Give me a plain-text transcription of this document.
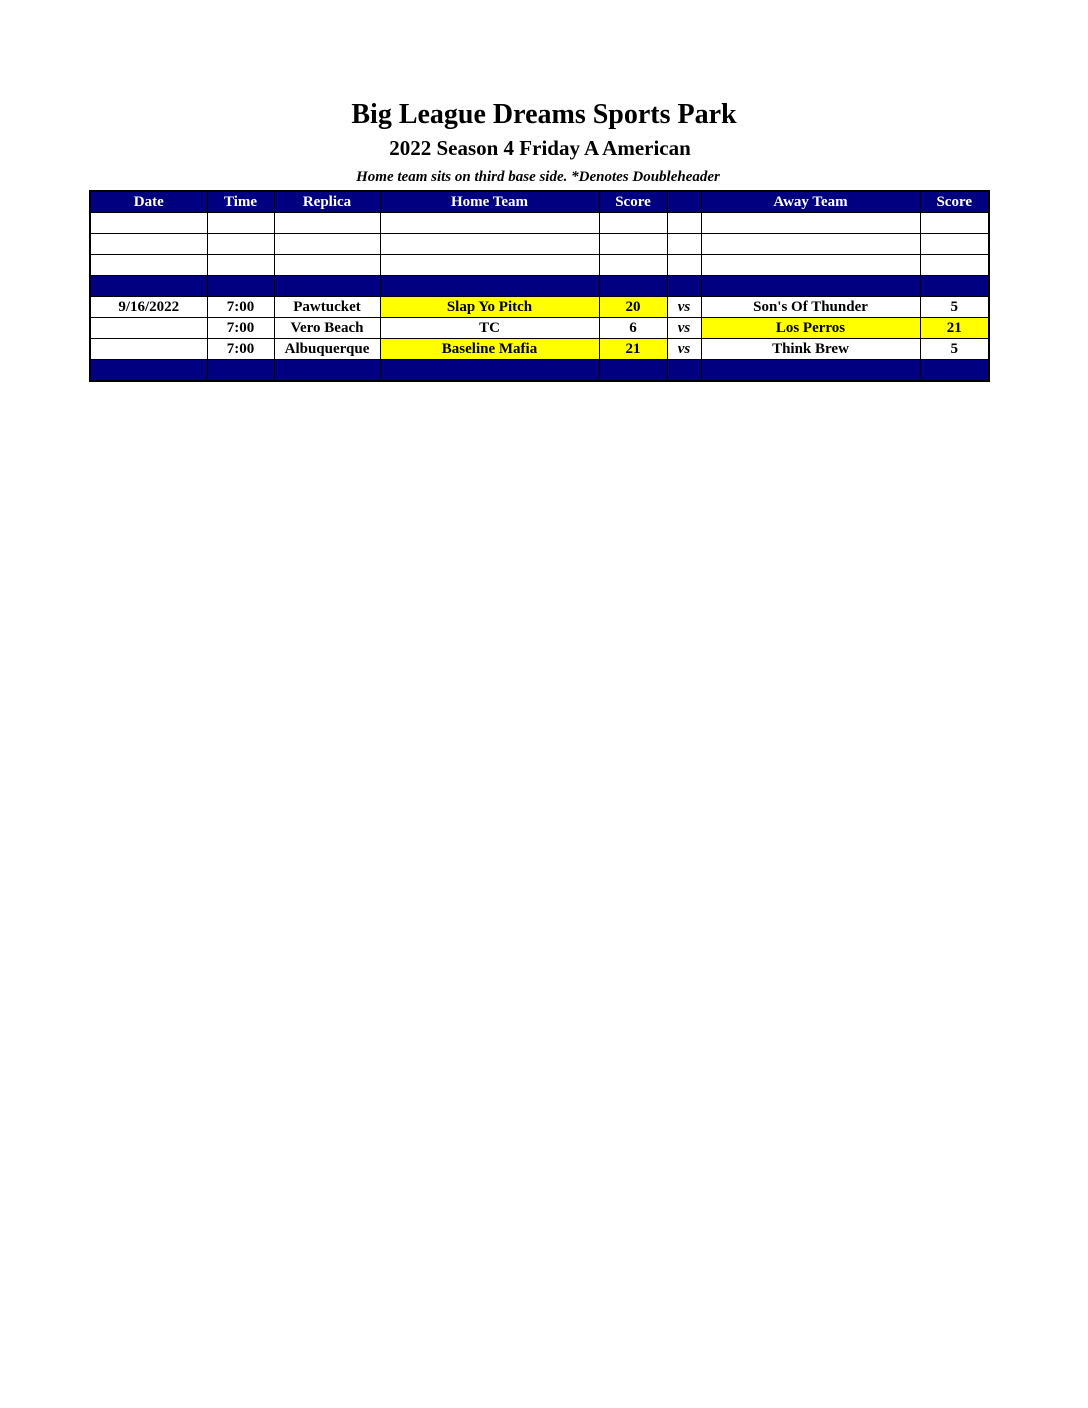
Big League Dreams Sports Park
2022 Season 4 Friday A American
Home team sits on third base side. *Denotes Doubleheader
Date	Time	Replica	Home Team	Score		Away Team	Score

9/16/2022	7:00	Pawtucket	Slap Yo Pitch	20	vs	Son's Of Thunder	5
	7:00	Vero Beach	TC	6	vs	Los Perros	21
	7:00	Albuquerque	Baseline Mafia	21	vs	Think Brew	5
